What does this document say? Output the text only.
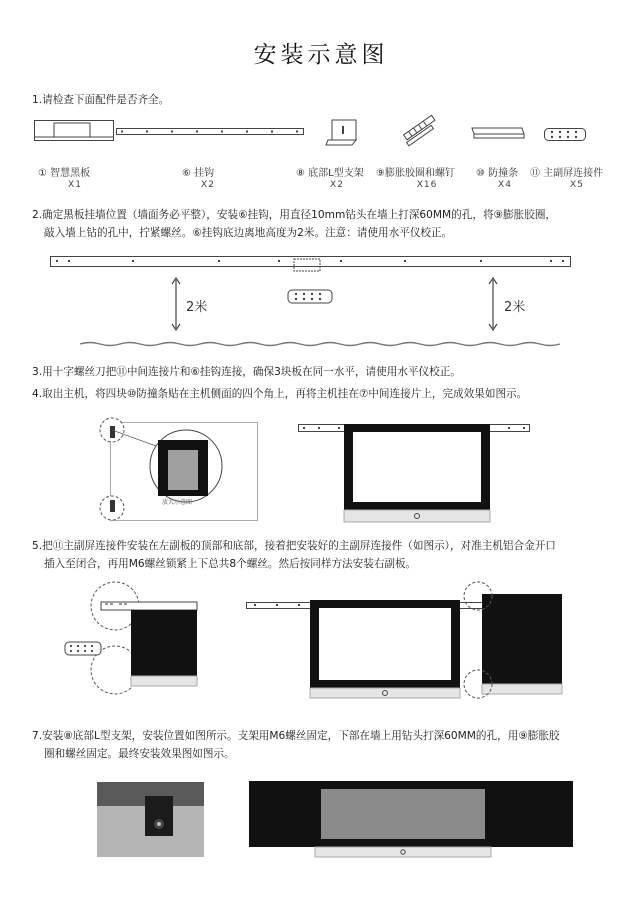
安装示意图
1.请检查下面配件是否齐全。
① 智慧黑板
X1
⑥ 挂钩
X2
⑧ 底部L型支架
X2
⑨膨胀胶圈和螺钉
X16
⑩ 防撞条
X4
⑪ 主副屏连接件
X5
2.确定黑板挂墙位置（墙面务必平整），安装⑥挂钩，用直径10mm钻头在墙上打深60MM的孔，将⑨膨胀胶圈，
敲入墙上钻的孔中，拧紧螺丝。⑥挂钩底边离地高度为2米。注意：请使用水平仪校正。
2米	2米
3.用十字螺丝刀把⑪中间连接片和⑥挂钩连接，确保3块板在同一水平，请使用水平仪校正。
4.取出主机，将四块⑩防撞条贴在主机侧面的四个角上，再将主机挂在⑦中间连接片上，完成效果如图示。
放大示意图
5.把⑪主副屏连接件安装在左副板的顶部和底部，接着把安装好的主副屏连接件（如图示），对准主机铝合金开口
插入至闭合，再用M6螺丝锁紧上下总共8个螺丝。然后按同样方法安装右副板。
7.安装⑧底部L型支架，安装位置如图所示。支架用M6螺丝固定，下部在墙上用钻头打深60MM的孔，用⑨膨胀胶
圈和螺丝固定。最终安装效果图如图示。
